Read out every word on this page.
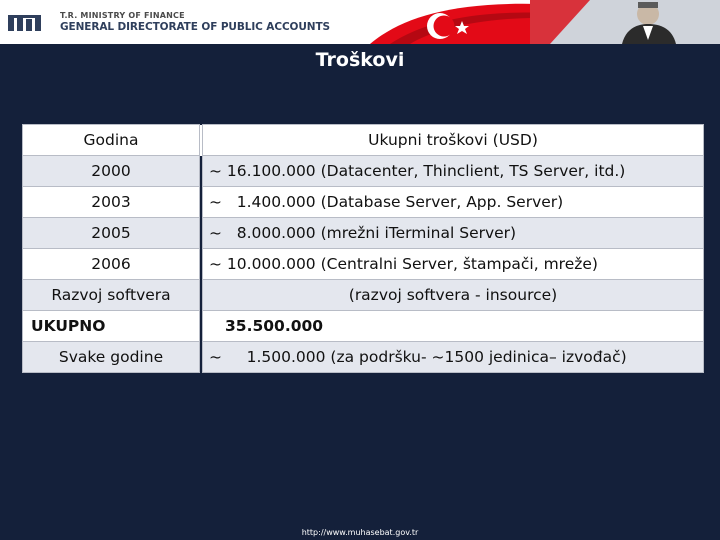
T.R. MINISTRY OF FINANCE
GENERAL DIRECTORATE OF PUBLIC ACCOUNTS
Troškovi
Godina		Ukupni troškovi (USD)
2000		~ 16.100.000 (Datacenter, Thinclient, TS Server, itd.)
2003		~   1.400.000 (Database Server, App. Server)
2005		~   8.000.000 (mrežni iTerminal Server)
2006		~ 10.000.000 (Centralni Server, štampači, mreže)
Razvoj softvera		(razvoj softvera - insource)
UKUPNO		35.500.000
Svake godine		~     1.500.000 (za podršku- ~1500 jedinica– izvođač)
http://www.muhasebat.gov.tr
